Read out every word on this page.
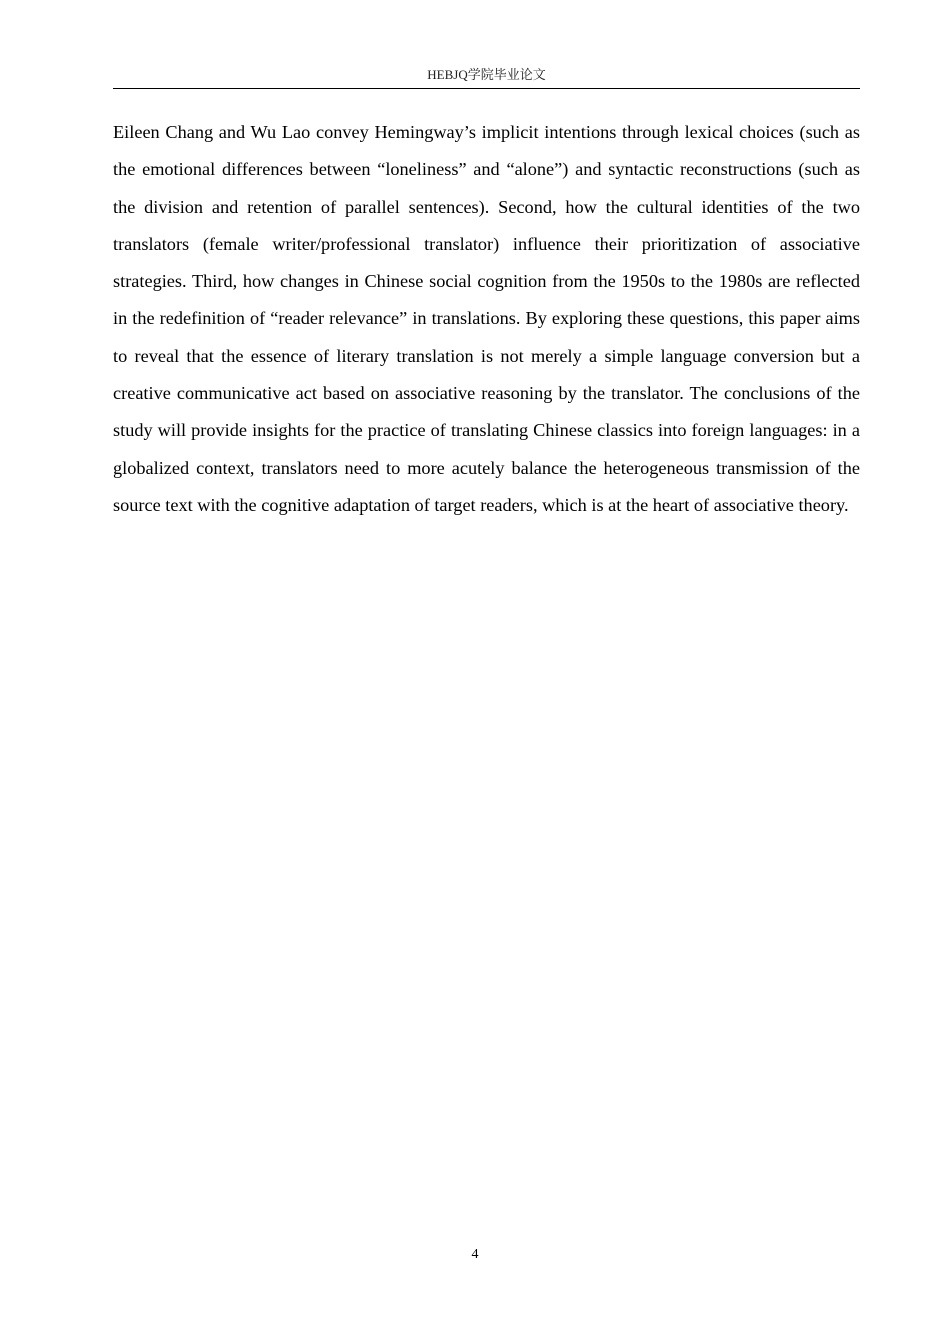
HEBJQ学院毕业论文

Eileen Chang and Wu Lao convey Hemingway’s implicit intentions through lexical choices (such as the emotional differences between “loneliness” and “alone”) and syntactic reconstructions (such as the division and retention of parallel sentences). Second, how the cultural identities of the two translators (female writer/professional translator) influence their prioritization of associative strategies. Third, how changes in Chinese social cognition from the 1950s to the 1980s are reflected in the redefinition of “reader relevance” in translations. By exploring these questions, this paper aims to reveal that the essence of literary translation is not merely a simple language conversion but a creative communicative act based on associative reasoning by the translator. The conclusions of the study will provide insights for the practice of translating Chinese classics into foreign languages: in a globalized context, translators need to more acutely balance the heterogeneous transmission of the source text with the cognitive adaptation of target readers, which is at the heart of associative theory.

4
